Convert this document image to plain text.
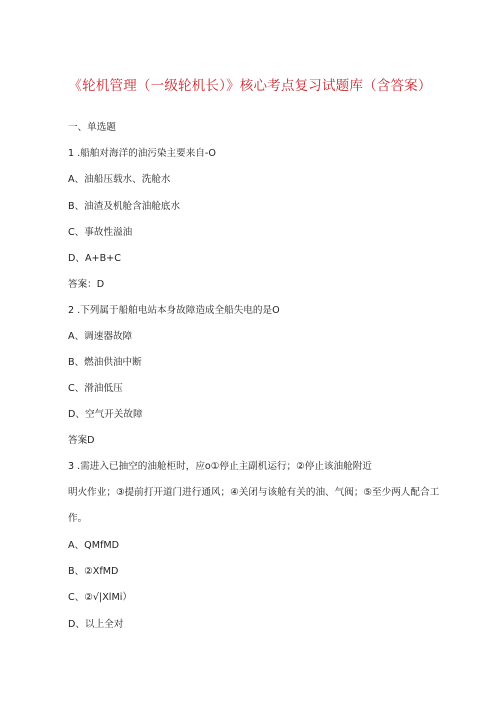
《轮机管理（一级轮机长）》核心考点复习试题库（含答案）
一、单选题
1 .船舶对海洋的油污染主要来自-O
A、油船压载水、洗舱水
B、油渣及机舱含油舱底水
C、事故性溢油
D、A+B+C
答案：D
2 .下列属于船舶电站本身故障造成全船失电的是O
A、调速器故障
B、燃油供油中断
C、滑油低压
D、空气开关故障
答案D
3 .需进入已抽空的油舱柜时，应o①停止主副机运行；②停止该油舱附近
明火作业；③提前打开道门进行通风；④关闭与该舱有关的油、气阀；⑤至少两人配合工
作。
A、QMfMD
B、②XfMD
C、②√|XlMi）
D、以上全对
